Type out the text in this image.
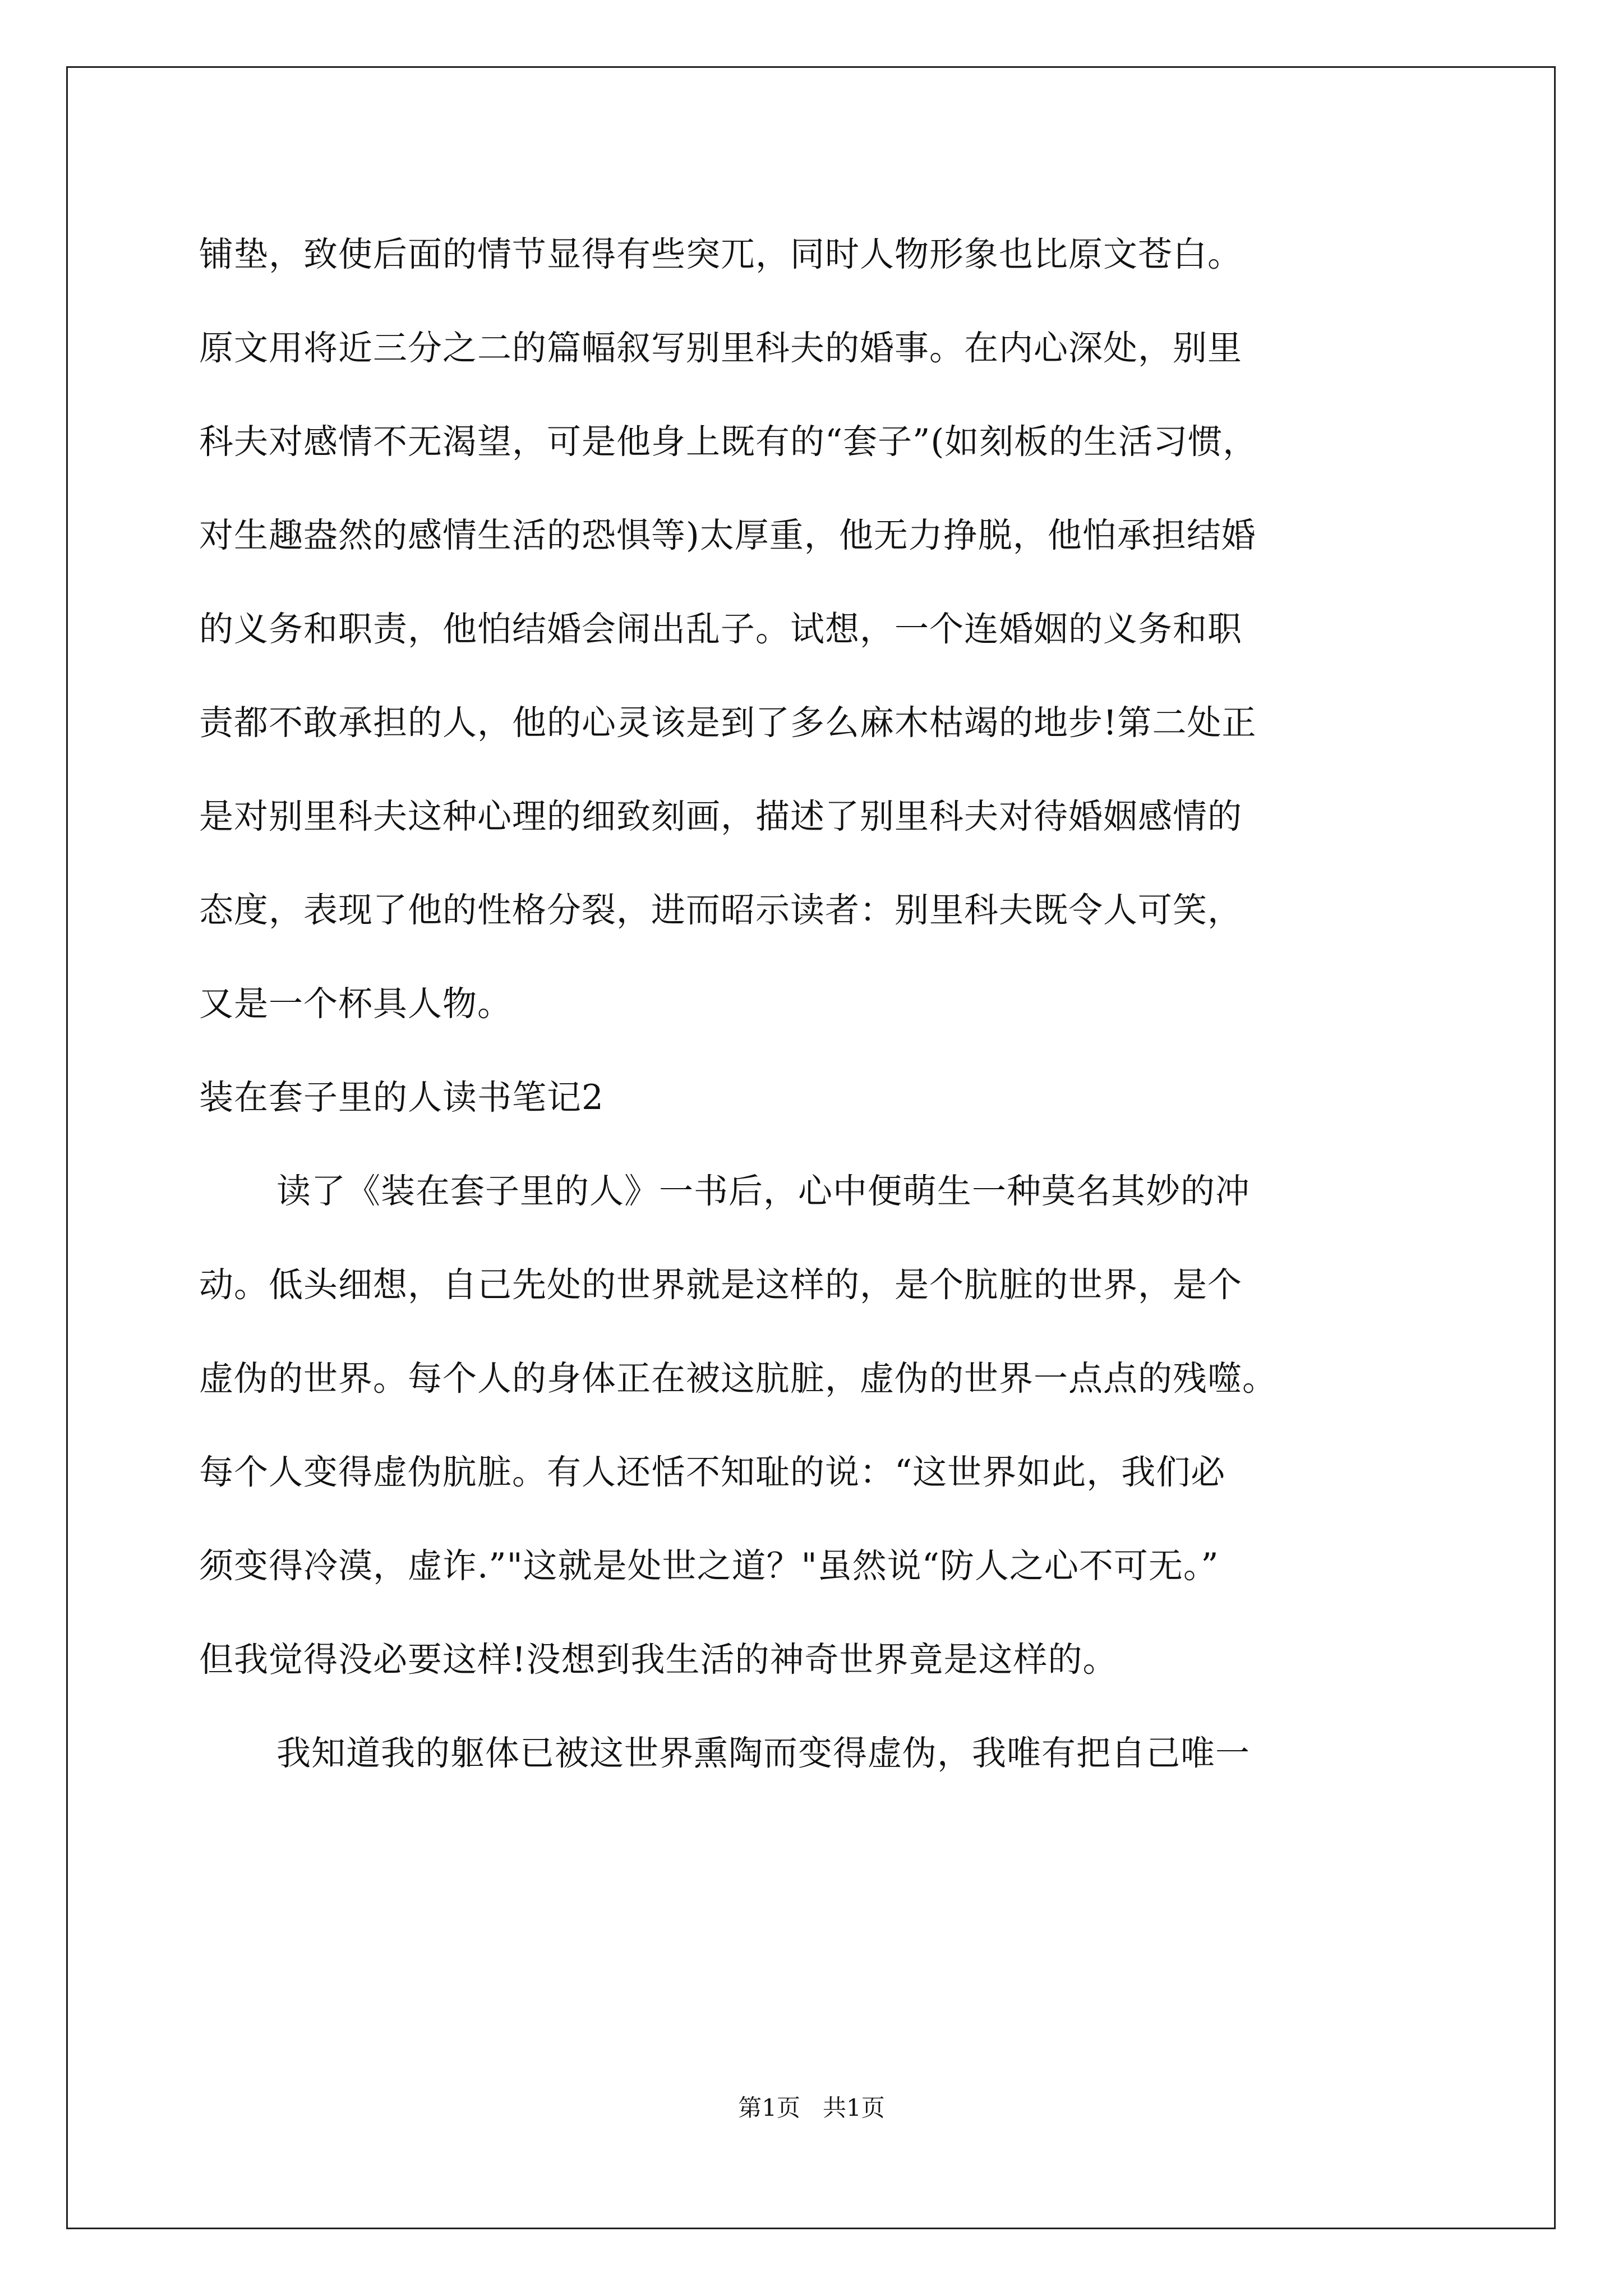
铺垫，致使后面的情节显得有些突兀，同时人物形象也比原文苍白。
原文用将近三分之二的篇幅叙写别里科夫的婚事。在内心深处，别里
科夫对感情不无渴望，可是他身上既有的“套子”(如刻板的生活习惯，
对生趣盎然的感情生活的恐惧等)太厚重，他无力挣脱，他怕承担结婚
的义务和职责，他怕结婚会闹出乱子。试想，一个连婚姻的义务和职
责都不敢承担的人，他的心灵该是到了多么麻木枯竭的地步!第二处正
是对别里科夫这种心理的细致刻画，描述了别里科夫对待婚姻感情的
态度，表现了他的性格分裂，进而昭示读者：别里科夫既令人可笑，
又是一个杯具人物。
装在套子里的人读书笔记2
读了《装在套子里的人》一书后，心中便萌生一种莫名其妙的冲
动。低头细想，自己先处的世界就是这样的，是个肮脏的世界，是个
虚伪的世界。每个人的身体正在被这肮脏，虚伪的世界一点点的残噬。
每个人变得虚伪肮脏。有人还恬不知耻的说：“这世界如此，我们必
须变得冷漠，虚诈.”"这就是处世之道？"虽然说“防人之心不可无。”
但我觉得没必要这样!没想到我生活的神奇世界竟是这样的。
我知道我的躯体已被这世界熏陶而变得虚伪，我唯有把自己唯一
第1页 共1页
